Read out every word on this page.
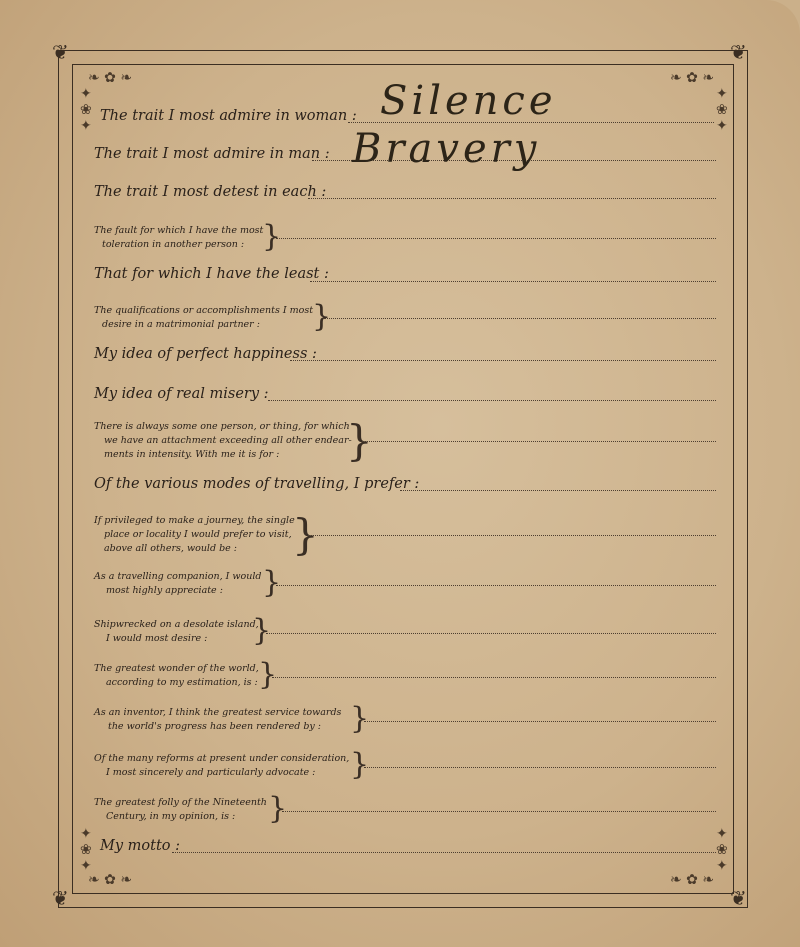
❦	❦
❦	❦
❧ ✿ ❧
✦
❀
✦
❧ ✿ ❧
✦
❀
✦
❧ ✿ ❧
✦
❀
✦
❧ ✿ ❧
✦
❀
✦
The trait I most admire in woman : Silence
The trait I most admire in man : Bravery
The trait I most detest in each :
The fault for which I have the most
toleration in another person : }
That for which I have the least :
The qualifications or accomplishments I most
desire in a matrimonial partner :	}
My idea of perfect happiness :
My idea of real misery :
There is always some one person, or thing, for which
we have an attachment exceeding all other endear-
ments in intensity. With me it is for :	}
Of the various modes of travelling, I prefer :
If privileged to make a journey, the single
place or locality I would prefer to visit,
above all others, would be :	}
As a travelling companion, I would
most highly appreciate :	}
Shipwrecked on a desolate island,
I would most desire :	}
The greatest wonder of the world,
according to my estimation, is : }
As an inventor, I think the greatest service towards
the world's progress has been rendered by : }
Of the many reforms at present under consideration,
I most sincerely and particularly advocate :	}
The greatest folly of the Nineteenth
Century, in my opinion, is :	}
My motto :
